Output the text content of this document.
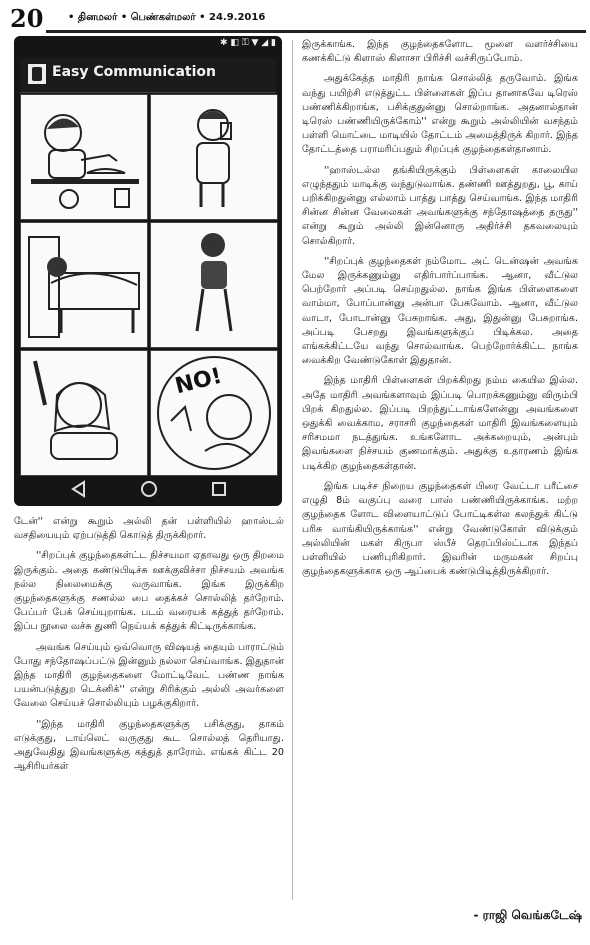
20 • தினமலர் • பெண்கள்மலர் • 24.9.2016
✱ ◧ ⚿ ▼ ◢ ▮
Easy Communication
NO!

டேன்'' என்று கூறும் அல்லி தன் பள்ளியில் ஹாஸ்டல் வசதியையும் ஏற்படுத்தி கொடுத் திருக்கிறார்.

''சிறப்புக் குழந்தைகள்ட்ட நிச்சயமா ஏதாவது ஒரு திறமை இருக்கும். அதை கண்டுபிடிச்சு ஊக்குவிச்சா நிச்சயம் அவங்க நல்ல நிலைமைக்கு வருவாங்க. இங்க இருக்கிற குழந்தைகளுக்கு சணல்ல பை தைக்கச் சொல்லித் தர்றோம். பேப்பர் பேக் செய்யுறாங்க. படம் வரையக் கத்துத் தர்றோம். இப்ப நூலை வச்சு துணி நெய்யக் கத்துக் கிட்டிருக்காங்க.

அவங்க செய்யும் ஒவ்வொரு விஷயத் தையும் பாராட்டும் போது சந்தோஷப்பட்டு இன்னும் நல்லா செய்வாங்க. இதுதான் இந்த மாதிரி குழந்தைகளை மோட்டிவேட் பண்ண நாங்க பயன்படுத்துற டெக்னிக்'' என்று சிரிக்கும் அல்லி அவர்களை வேலை செய்யச் சொல்லியும் பழக்குகிறார்.

''இந்த மாதிரி குழந்தைகளுக்கு பசிக்குது, தாகம் எடுக்குது, டாய்லெட் வருகுது கூட சொல்லத் தெரியாது. அதுவேதிது இவங்களுக்கு கத்துத் தாரோம். எங்கக் கிட்ட 20 ஆசிரியர்கள்

இருக்காங்க. இந்த குழந்தைகளோட மூளை வளர்ச்சியை கணக்கிட்டு கிளாஸ் கிளாசா பிரிச்சி வச்சிருப்போம்.

அதுக்கேத்த மாதிரி நாங்க சொல்லித் தருவோம். இங்க வந்து பயிற்சி எடுத்துட்ட பிள்ளைகள் இப்ப தானாகவே டிரெஸ் பண்ணிக்கிறாங்க, பசிக்குதுன்னு சொல்றாங்க. அதனால்தான் டிரெஸ் பண்ணியிருக்கோம்'' என்று கூறும் அல்லியின் வசந்தம் பள்ளி மொட்டை மாடியில் தோட்டம் அமைத்திருக் கிறார். இந்த தோட்டத்தை பராமரிப்பதும் சிறப்புக் குழந்தைகள்தானாம்.

''ஹாஸ்டல்ல தங்கியிருக்கும் பிள்ளைகள் காலையில எழுந்ததும் மாடிக்கு வந்துடுவாங்க. தண்ணி ஊத்துறது, பூ, காய் பறிக்கிறதுன்னு எல்லாம் பாத்து பாத்து செய்வாங்க. இந்த மாதிரி சின்ன சின்ன வேலைகள் அவங்களுக்கு சந்தோஷத்தை தருது'' என்று கூறும் அல்லி இன்னொரு அதிர்ச்சி தகவலையும் சொல்கிறார்.

''சிறப்புக் குழந்தைகள் நம்மோட அட் டென்ஷன் அவங்க மேல இருக்கணும்னு எதிர்பார்ப்பாங்க. ஆனா, வீட்டுல பெற்றோர் அப்படி செய்றதுல்ல. நாங்க இங்க பிள்ளைகளை வாம்மா, போப்பான்னு அன்பா பேசுவோம். ஆனா, வீட்டுல வாடா, போடான்னு பேசுறாங்க. அது, இதுன்னு பேசுறாங்க. அப்படி பேசறது இவங்களுக்குப் பிடிக்கல. அதை எங்கக்கிட்டயே வந்து சொல்வாங்க. பெற்றோர்க்கிட்ட நாங்க வைக்கிற வேண்டுகோள் இதுதான்.

இந்த மாதிரி பிள்ளைகள் பிறக்கிறது நம்ம கையில இல்ல. அதே மாதிரி அவங்களாவும் இப்படி பொறக்கணும்னு விரும்பி பிறக் கிறதுல்ல. இப்படி பிறந்துட்டாங்களேன்னு அவங்களை ஒதுக்கி வைக்காம, சராசரி குழந்தைகள் மாதிரி இவங்களையும் சரிசமமா நடத்துங்க. உங்களோட அக்கறையும், அன்பும் இவங்களை நிச்சயம் குணமாக்கும். அதுக்கு உதாரணம் இங்க படிக்கிற குழந்தைகள்தான்.

இங்க படிச்ச நிறைய குழந்தைகள் பிரை வேட்டா பரீட்சை எழுதி 8ம் வகுப்பு வரை பாஸ் பண்ணியிருக்காங்க. மற்ற குழந்தைக ளோட விளையாட்டுப் போட்டிகள்ல கலந்துக் கிட்டு பரிசு வாங்கியிருக்காங்க'' என்று வேண்டுகோள் விடுக்கும் அல்லியின் மகள் கிருபா ஸ்பீச் தெரப்பிஸ்ட்டாக இந்தப் பள்ளியில் பணிபுரிகிறார். இவரின் மருமகன் சிறப்பு குழந்தைகளுக்காக ஒரு ஆப்பைக் கண்டுபிடித்திருக்கிறார்.

- ராஜி வெங்கடேஷ்
